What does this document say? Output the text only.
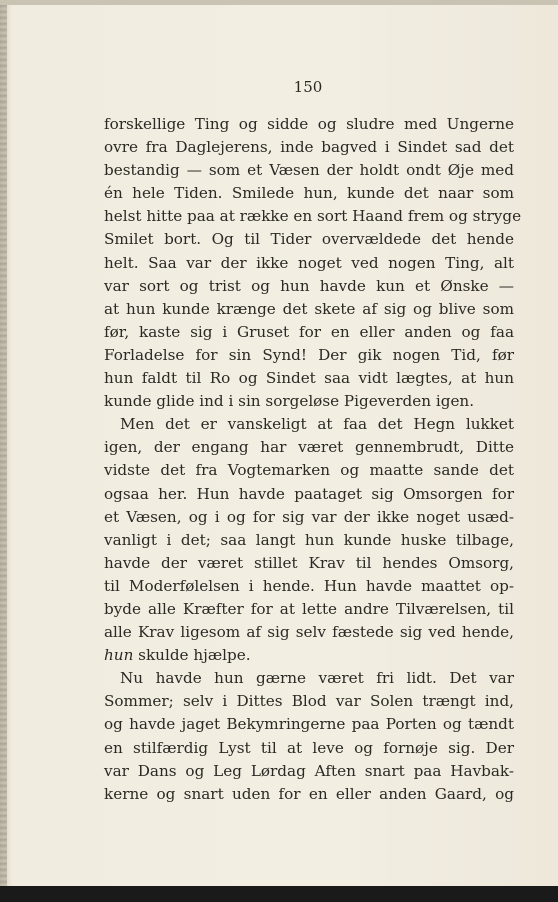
150

forskellige Ting og sidde og sludre med Ungerne
ovre fra Daglejerens, inde bagved i Sindet sad det
bestandig — som et Væsen der holdt ondt Øje med
én hele Tiden. Smilede hun, kunde det naar som
helst hitte paa at række en sort Haand frem og stryge
Smilet bort. Og til Tider overvældede det hende
helt. Saa var der ikke noget ved nogen Ting, alt
var sort og trist og hun havde kun et Ønske —
at hun kunde krænge det skete af sig og blive som
før, kaste sig i Gruset for en eller anden og faa
Forladelse for sin Synd! Der gik nogen Tid, før
hun faldt til Ro og Sindet saa vidt lægtes, at hun
kunde glide ind i sin sorgeløse Pigeverden igen.
Men det er vanskeligt at faa det Hegn lukket
igen, der engang har været gennembrudt, Ditte
vidste det fra Vogtemarken og maatte sande det
ogsaa her. Hun havde paataget sig Omsorgen for
et Væsen, og i og for sig var der ikke noget usæd-
vanligt i det; saa langt hun kunde huske tilbage,
havde der været stillet Krav til hendes Omsorg,
til Moderfølelsen i hende. Hun havde maattet op-
byde alle Kræfter for at lette andre Tilværelsen, til
alle Krav ligesom af sig selv fæstede sig ved hende,
hun skulde hjælpe.
Nu havde hun gærne været fri lidt. Det var
Sommer; selv i Dittes Blod var Solen trængt ind,
og havde jaget Bekymringerne paa Porten og tændt
en stilfærdig Lyst til at leve og fornøje sig. Der
var Dans og Leg Lørdag Aften snart paa Havbak-
kerne og snart uden for en eller anden Gaard, og
